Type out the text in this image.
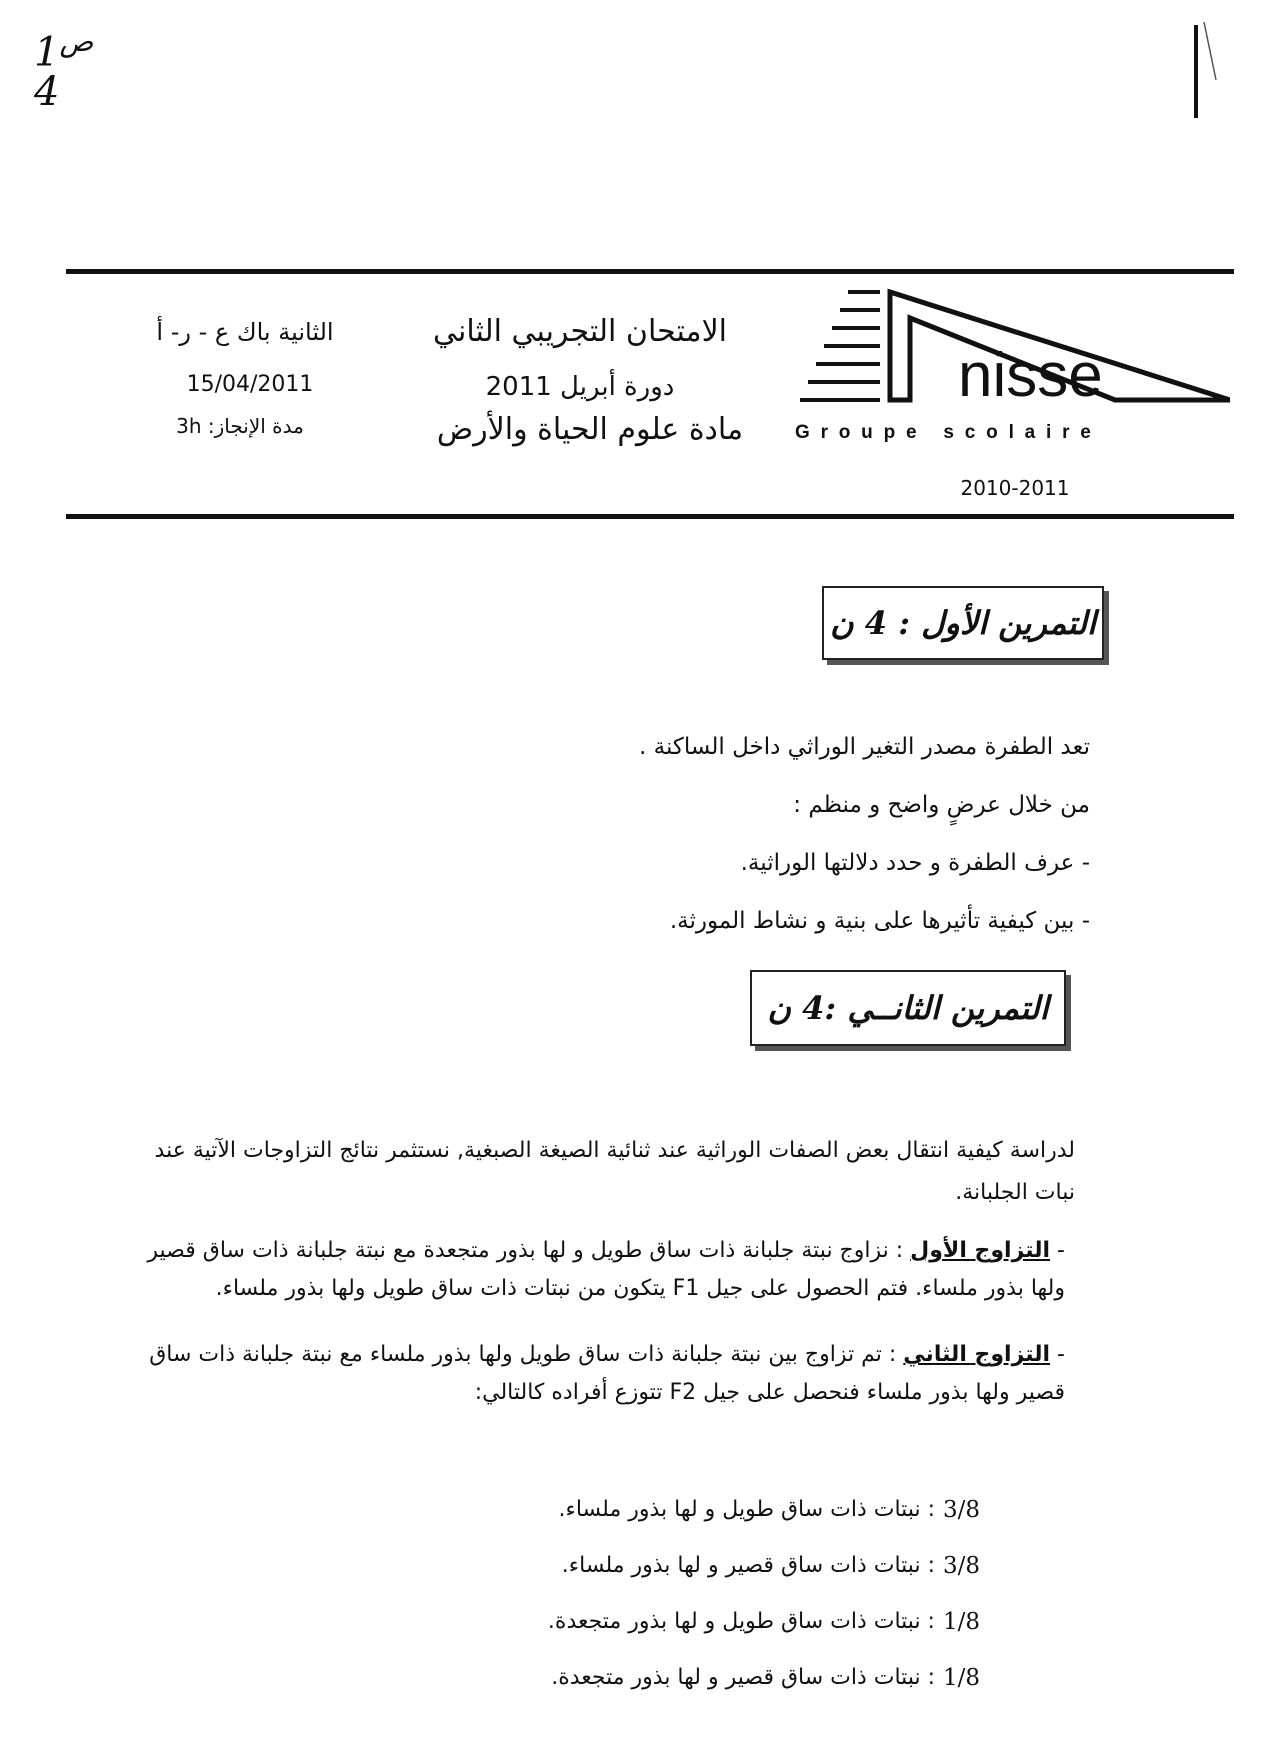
$1^ص$
4
الثانية باك ع - ر- أ
15/04/2011
مدة الإنجاز: 3h
الامتحان التجريبي الثاني
دورة أبريل 2011
مادة علوم الحياة والأرض
nisse
Groupe scolaire
2010-2011
التمرين الأول : 4 ن

تعد الطفرة مصدر التغير الوراثي داخل الساكنة .

من خلال عرضٍ واضح و منظم :

- عرف الطفرة و حدد دلالتها الوراثية.

- بين كيفية تأثيرها على بنية و نشاط المورثة.

التمرين الثانــي :4 ن
لدراسة كيفية انتقال بعض الصفات الوراثية عند ثنائية الصيغة الصبغية, نستثمر نتائج التزاوجات الآتية عند نبات الجلبانة.
- التزاوج الأول : نزاوج نبتة جلبانة ذات ساق طويل و لها بذور متجعدة مع نبتة جلبانة ذات ساق قصير ولها بذور ملساء. فتم الحصول على جيل F1 يتكون من نبتات ذات ساق طويل ولها بذور ملساء.
- التزاوج الثاني : تم تزاوج بين نبتة جلبانة ذات ساق طويل ولها بذور ملساء مع نبتة جلبانة ذات ساق قصير ولها بذور ملساء فنحصل على جيل F2 تتوزع أفراده كالتالي:
3/8
: نبتات ذات ساق طويل و لها بذور ملساء.
3/8
: نبتات ذات ساق قصير و لها بذور ملساء.
1/8
: نبتات ذات ساق طويل و لها بذور متجعدة.
1/8
: نبتات ذات ساق قصير و لها بذور متجعدة.
